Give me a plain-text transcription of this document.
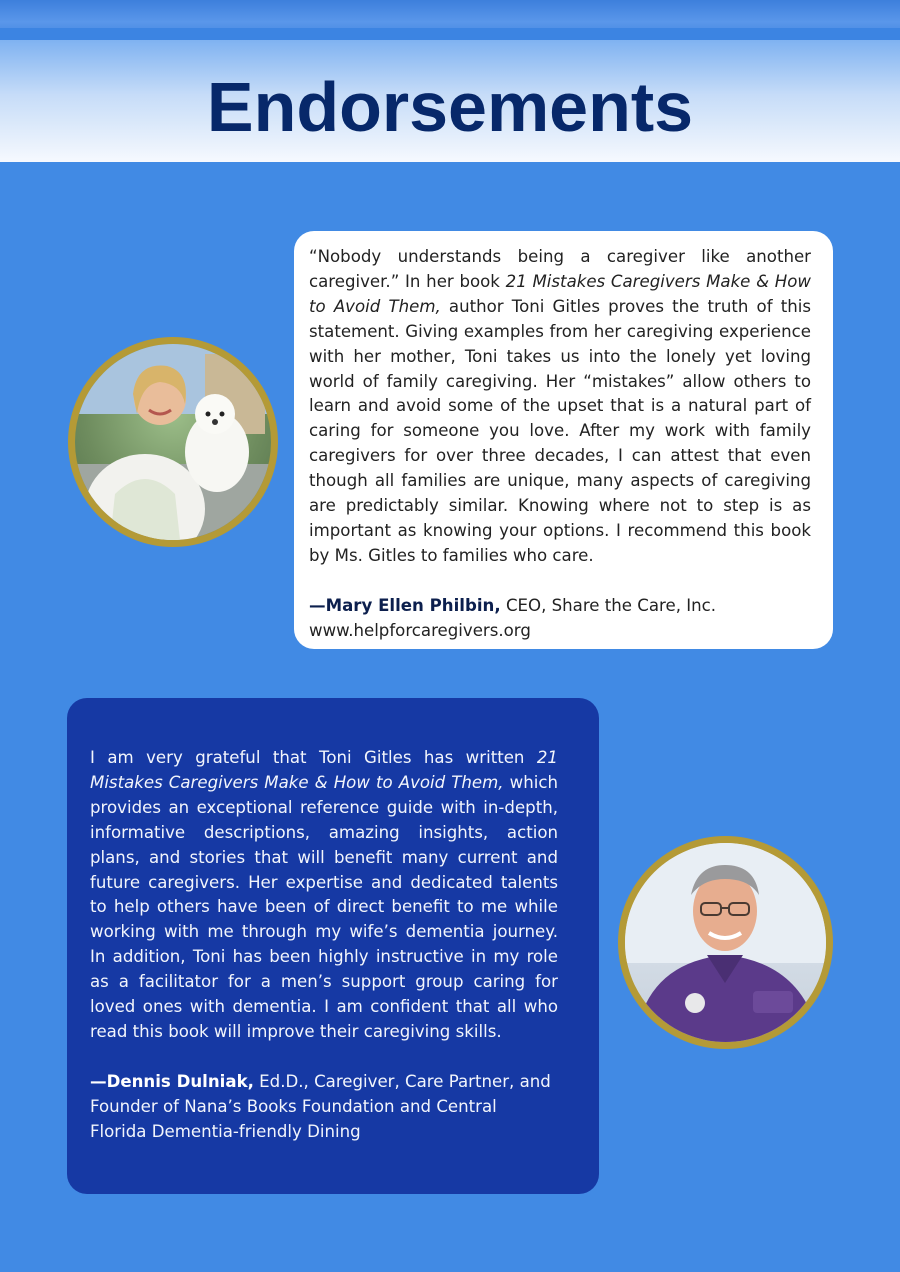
Endorsements

“Nobody understands being a caregiver like another caregiver.” In her book 21 Mistakes Caregivers Make & How to Avoid Them, author Toni Gitles proves the truth of this statement. Giving examples from her caregiving experience with her mother, Toni takes us into the lonely yet loving world of family caregiving. Her “mistakes” allow others to learn and avoid some of the upset that is a natural part of caring for someone you love. After my work with family caregivers for over three decades, I can attest that even though all families are unique, many aspects of caregiving are predictably similar. Knowing where not to step is as important as knowing your options. I recommend this book by Ms. Gitles to families who care.

—Mary Ellen Philbin, CEO, Share the Care, Inc.
www.helpforcaregivers.org

I am very grateful that Toni Gitles has written 21 Mistakes Caregivers Make & How to Avoid Them, which provides an exceptional reference guide with in-depth, informative descriptions, amazing insights, action plans, and stories that will benefit many current and future caregivers. Her expertise and dedicated talents to help others have been of direct benefit to me while working with me through my wife’s dementia journey. In addition, Toni has been highly instructive in my role as a facilitator for a men’s support group caring for loved ones with dementia. I am confident that all who read this book will improve their caregiving skills.

—Dennis Dulniak, Ed.D., Caregiver, Care Partner, and Founder of Nana’s Books Foundation and Central Florida Dementia-friendly Dining
